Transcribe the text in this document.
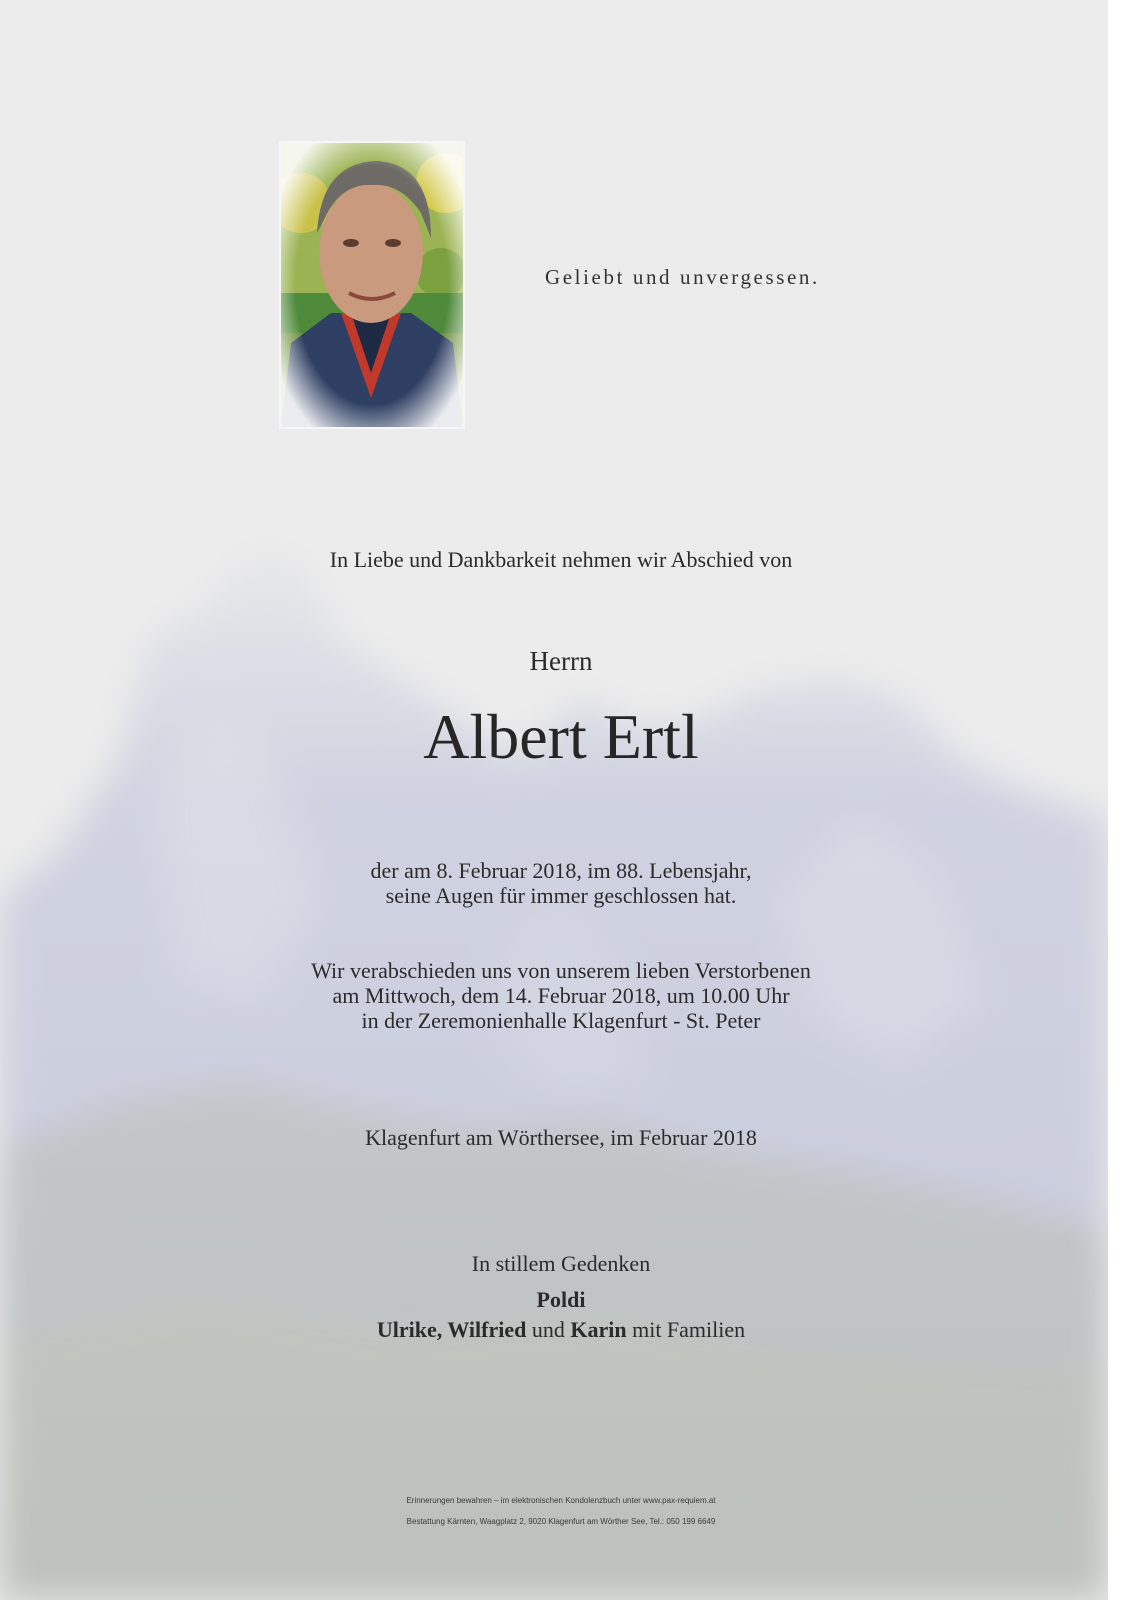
Geliebt und unvergessen.
In Liebe und Dankbarkeit nehmen wir Abschied von
Herrn
Albert Ertl
der am 8. Februar 2018, im 88. Lebensjahr,
seine Augen für immer geschlossen hat.
Wir verabschieden uns von unserem lieben Verstorbenen
am Mittwoch, dem 14. Februar 2018, um 10.00 Uhr
in der Zeremonienhalle Klagenfurt - St. Peter
Klagenfurt am Wörthersee, im Februar 2018
In stillem Gedenken
Poldi
Ulrike, Wilfried und Karin mit Familien
Erinnerungen bewahren – im elektronischen Kondolenzbuch unter www.pax-requiem.at
Bestattung Kärnten, Waagplatz 2, 9020 Klagenfurt am Wörther See, Tel.: 050 199 6649
